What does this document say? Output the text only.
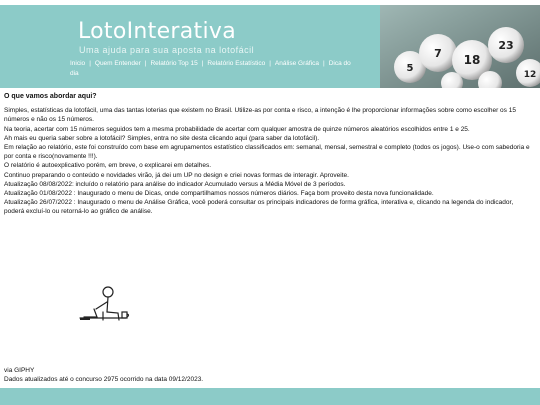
LotoInterativa
Uma ajuda para sua aposta na lotofácil
Inicio | Quem Entender | Relatório Top 15 | Relatório Estatístico | Análise Gráfica | Dica do dia
7 18
23
5
12
O que vamos abordar aqui?

Simples, estatísticas da lotofácil, uma das tantas loterias que existem no Brasil. Utilize-as por conta e risco, a intenção é lhe proporcionar informações sobre como escolher os 15 números e não os 15 números.

Na teoria, acertar com 15 números seguidos tem a mesma probabilidade de acertar com qualquer amostra de quinze números aleatórios escolhidos entre 1 e 25.

Ah mais eu queria saber sobre a lotofácil? Simples, entra no site desta clicando aqui (para saber da lotofácil).

Em relação ao relatório, este foi construído com base em agrupamentos estatístico classificados em: semanal, mensal, semestral e completo (todos os jogos). Use-o com sabedoria e por conta e risco(novamente !!!).

O relatório é autoexplicativo porém, em breve, o explicarei em detalhes.

Continuo preparando o conteúdo e novidades virão, já dei um UP no design e criei novas formas de interagir. Aproveite.

Atualização 08/08/2022: incluído o relatório para análise do indicador Acumulado versus a Média Móvel de 3 períodos.

Atualização 01/08/2022 : Inaugurado o menu de Dicas, onde compartilhamos nossos números diários. Faça bom proveito desta nova funcionalidade.

Atualização 26/07/2022 : Inaugurado o menu de Análise Gráfica, você poderá consultar os principais indicadores de forma gráfica, interativa e, clicando na legenda do indicador, poderá excluí-lo ou retorná-lo ao gráfico de análise.

via GIPHY
Dados atualizados até o concurso 2975 ocorrido na data 09/12/2023.
